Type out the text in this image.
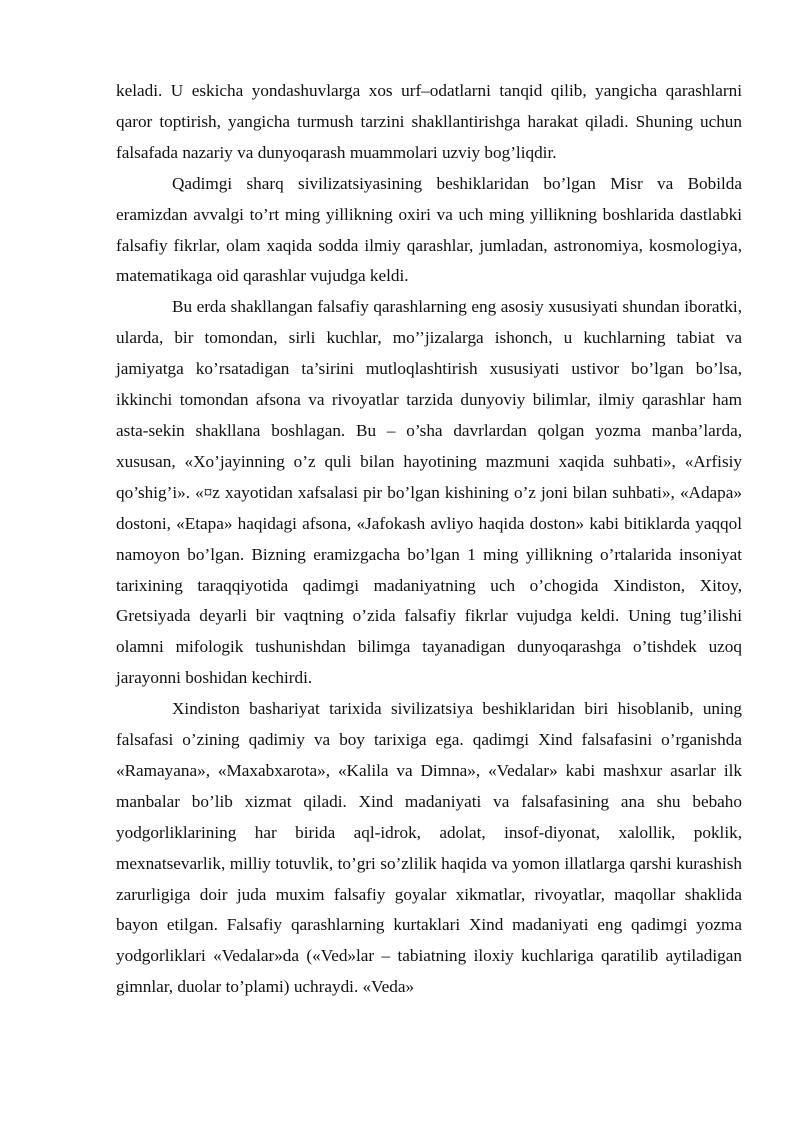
keladi. U eskicha yondashuvlarga xos urf–odatlarni tanqid qilib, yangicha qarashlarni qaror toptirish, yangicha turmush tarzini shakllantirishga harakat qiladi. Shuning uchun falsafada nazariy va dunyoqarash muammolari uzviy bog’liqdir.

Qadimgi sharq sivilizatsiyasining beshiklaridan bo’lgan Misr va Bobilda eramizdan avvalgi to’rt ming yillikning oxiri va uch ming yillikning boshlarida dastlabki falsafiy fikrlar, olam xaqida sodda ilmiy qarashlar, jumladan, astronomiya, kosmologiya, matematikaga oid qarashlar vujudga keldi.

Bu erda shakllangan falsafiy qarashlarning eng asosiy xususiyati shundan iboratki, ularda, bir tomondan, sirli kuchlar, mo’’jizalarga ishonch, u kuchlarning tabiat va jamiyatga ko’rsatadigan ta’sirini mutloqlashtirish xususiyati ustivor bo’lgan bo’lsa, ikkinchi tomondan afsona va rivoyatlar tarzida dunyoviy bilimlar, ilmiy qarashlar ham asta-sekin shakllana boshlagan. Bu – o’sha davrlardan qolgan yozma manba’larda, xususan, «Xo’jayinning o’z quli bilan hayotining mazmuni xaqida suhbati», «Arfisiy qo’shig’i». «¤z xayotidan xafsalasi pir bo’lgan kishining o’z joni bilan suhbati», «Adapa» dostoni, «Etapa» haqidagi afsona, «Jafokash avliyo haqida doston» kabi bitiklarda yaqqol namoyon bo’lgan. Bizning eramizgacha bo’lgan 1 ming yillikning o’rtalarida insoniyat tarixining taraqqiyotida qadimgi madaniyatning uch o’chogida Xindiston, Xitoy, Gretsiyada deyarli bir vaqtning o’zida falsafiy fikrlar vujudga keldi. Uning tug’ilishi olamni mifologik tushunishdan bilimga tayanadigan dunyoqarashga o’tishdek uzoq jarayonni boshidan kechirdi.

Xindiston bashariyat tarixida sivilizatsiya beshiklaridan biri hisoblanib, uning falsafasi o’zining qadimiy va boy tarixiga ega. qadimgi Xind falsafasini o’rganishda «Ramayana», «Maxabxarota», «Kalila va Dimna», «Vedalar» kabi mashxur asarlar ilk manbalar bo’lib xizmat qiladi. Xind madaniyati va falsafasining ana shu bebaho yodgorliklarining har birida aql-idrok, adolat, insof-diyonat, xalollik, poklik, mexnatsevarlik, milliy totuvlik, to’gri so’zlilik haqida va yomon illatlarga qarshi kurashish zarurligiga doir juda muxim falsafiy goyalar xikmatlar, rivoyatlar, maqollar shaklida bayon etilgan. Falsafiy qarashlarning kurtaklari Xind madaniyati eng qadimgi yozma yodgorliklari «Vedalar»da («Ved»lar – tabiatning iloxiy kuchlariga qaratilib aytiladigan gimnlar, duolar to’plami) uchraydi. «Veda»
